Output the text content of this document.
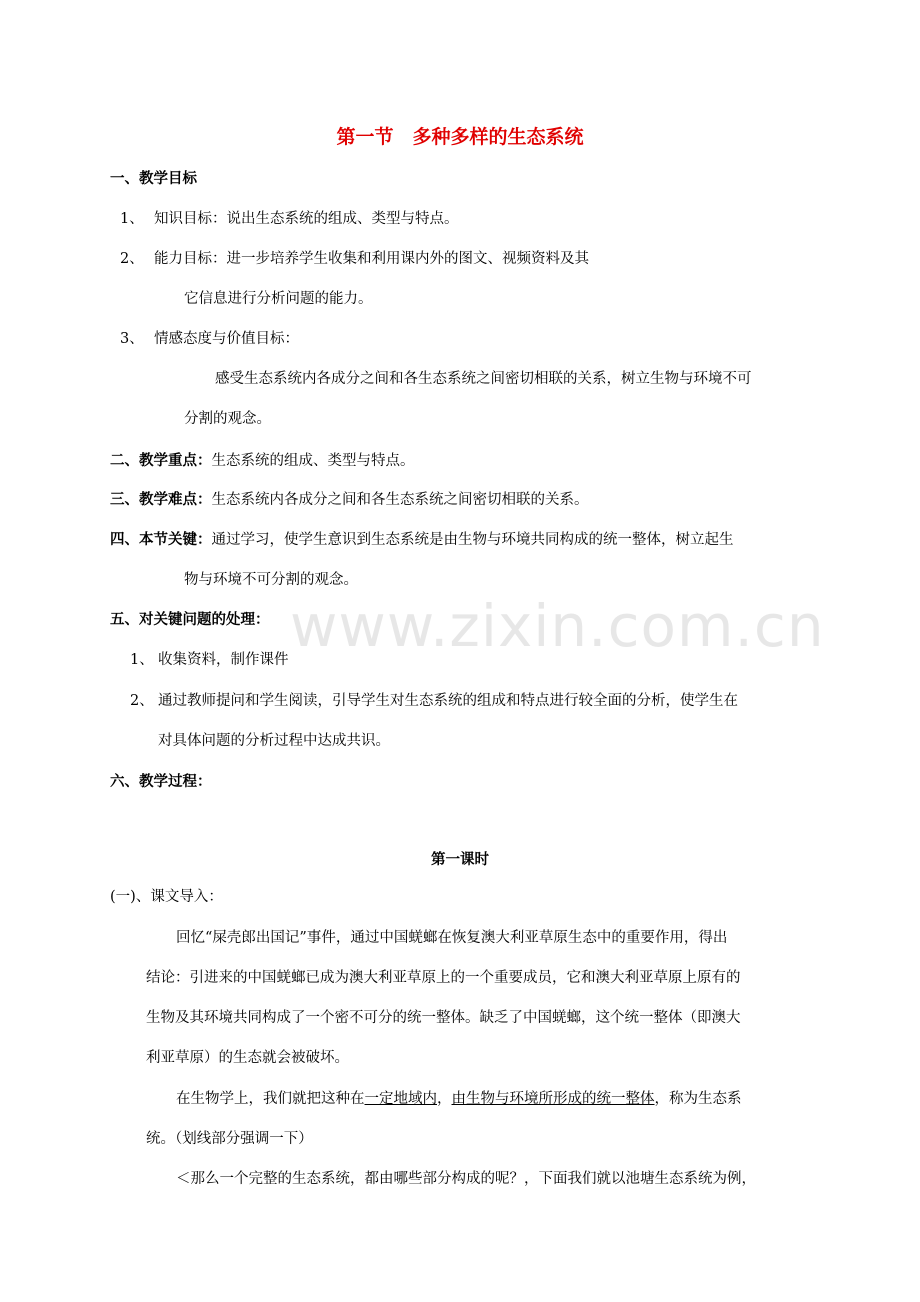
第一节　多种多样的生态系统
www.zixin.com.cn
一、教学目标
1、 知识目标：说出生态系统的组成、类型与特点。
2、 能力目标：进一步培养学生收集和利用课内外的图文、视频资料及其
它信息进行分析问题的能力。
3、 情感态度与价值目标：
感受生态系统内各成分之间和各生态系统之间密切相联的关系，树立生物与环境不可
分割的观念。
二、教学重点：生态系统的组成、类型与特点。
三、教学难点：生态系统内各成分之间和各生态系统之间密切相联的关系。
四、本节关键：通过学习，使学生意识到生态系统是由生物与环境共同构成的统一整体，树立起生
物与环境不可分割的观念。
五、对关键问题的处理：
1、 收集资料，制作课件
2、 通过教师提问和学生阅读，引导学生对生态系统的组成和特点进行较全面的分析，使学生在
对具体问题的分析过程中达成共识。
六、教学过程：
第一课时
(一)、课文导入：
回忆“屎壳郎出国记”事件，通过中国蜣螂在恢复澳大利亚草原生态中的重要作用，得出
结论：引进来的中国蜣螂已成为澳大利亚草原上的一个重要成员，它和澳大利亚草原上原有的
生物及其环境共同构成了一个密不可分的统一整体。缺乏了中国蜣螂，这个统一整体（即澳大
利亚草原）的生态就会被破坏。
在生物学上，我们就把这种在一定地域内，由生物与环境所形成的统一整体，称为生态系
统。（划线部分强调一下）
＜那么一个完整的生态系统，都由哪些部分构成的呢？，下面我们就以池塘生态系统为例，
